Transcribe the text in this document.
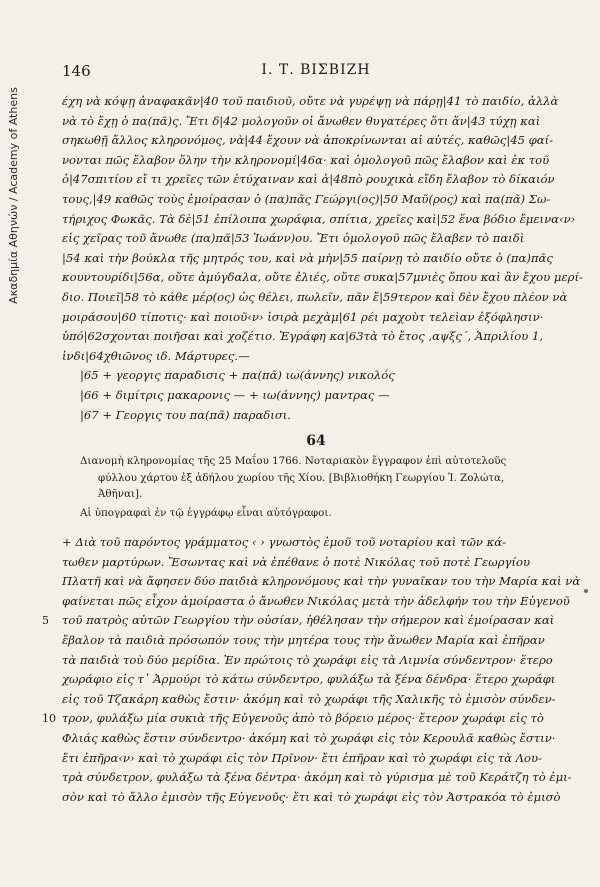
Ακαδημία Αθηνών / Academy of Athens
146	Ι. Τ. ΒΙΣΒΙΖΗ
έχη νὰ κόψῃ ἀναφακᾶν|40 τοῦ παιδιοῦ, οὔτε νὰ γυρέψῃ νὰ πάρῃ|41 τὸ παιδίο, ἀλλὰ
νὰ τὸ ἔχῃ ὁ πα(πᾶ)ς. Ἔτι δ|42 μολογοῦν οἱ ἄνωθεν θυγατέρες ὅτι ἄν|43 τύχῃ καὶ
σηκωθῇ ἄλλος κληρονόμος, νὰ|44 ἔχουν νὰ ἀποκρίνωνται αἱ αὐτές, καθῶς|45 φαί-
νονται πῶς ἔλαβον ὅλην τὴν κληρονομί|46α· καὶ ὁμολογοῦ πῶς ἔλαβον καὶ ἐκ τοῦ
ὁ|47σπιτίου εἴ τι χρεῖες τῶν ἐτύχαιναν καὶ ἀ|48πὸ ρουχικὰ εἴδη ἔλαβον τὸ δίκαιόν
τους,|49 καθῶς τοὺς ἐμοίρασαν ὁ (πα)πᾶς Γεώργι(ος)|50 Μαῦ(ρος) καὶ πα(πᾶ) Σω-
τήριχος Φωκᾶς. Τὰ δὲ|51 ἐπίλοιπα χωράφια, σπίτια, χρεῖες καὶ|52 ἕνα βόδιο ἔμεινα‹ν›
εἰς χεῖρας τοῦ ἄνωθε (πα)πᾶ|53 Ἰωάνν)ου. Ἔτι ὁμολογοῦ πῶς ἔλαβεν τὸ παιδὶ
|54 καὶ τὴν βούκλα τῆς μητρός του, καὶ νὰ μὴν|55 παίρνῃ τὸ παιδίο οὔτε ὁ (πα)πᾶς
κουντουρίδι|56α, οὔτε ἀμύγδαλα, οὔτε ἐλιές, οὔτε συκα|57μνιὲς ὅπου καὶ ἂν ἔχου μερί-
διο. Ποιεῖ|58 τὸ κάθε μέρ(ος) ὡς θέλει, πωλεῖν, πᾶν ἔ|59τερον καὶ δὲν ἔχου πλέον νὰ
μοιράσου|60 τίποτις· καὶ ποιοῦ‹ν› ἰσιρὰ μεχὰμ|61 ρέι μαχοὺτ τελεὶαν ἐξόφλησιν·
ὑπό|62σχονται ποιῆσαι καὶ χοζέτιο. Ἐγράφη κα|63τὰ τὸ ἔτος ,αψξς΄, Ἀπριλίου 1,
ἰνδι|64χθιῶνος ιδ. Μάρτυρες.—
|65 + γεοργις παραδισις + πα(πᾶ) ιω(άννης) νικολός
|66 + διμίτρις μακαρονις — + ιω(άννης) μαντρας —
|67 + Γεοργις του πα(πᾶ) παραδισι.
64
Διανομὴ κληρονομίας τῆς 25 Μαΐου 1766. Νοταριακὸν ἔγγραφον ἐπὶ αὐτοτελοῦς
φύλλου χάρτου ἐξ ἀδήλου χωρίου τῆς Χίου. [Βιβλιοθήκη Γεωργίου Ἰ. Ζολώτα,
Ἀθῆναι].
Αἱ ὑπογραφαὶ ἐν τῷ ἐγγράφῳ εἶναι αὐτόγραφοι.
+ Διὰ τοῦ παρόντος γράμματος ‹ › γνωστὸς ἐμοῦ τοῦ νοταρίου καὶ τῶν κά-
τωθεν μαρτύρων. Ἔσωντας καὶ νὰ ἐπέθανε ὁ ποτὲ Νικόλας τοῦ ποτὲ Γεωργίου
Πλατῆ καὶ νὰ ἄφησεν δύο παιδιὰ κληρονόμους καὶ τὴν γυναῖκαν του τὴν Μαρία καὶ νὰ
φαίνεται πῶς εἶχον ἀμοίραστα ὁ ἄνωθεν Νικόλας μετὰ τὴν ἀδελφήν του τὴν Εὐγενοῦ
5 τοῦ πατρὸς αὐτῶν Γεωργίου τὴν οὐσίαν, ἠθέλησαν τὴν σήμερον καὶ ἐμοίρασαν καὶ
ἔβαλον τὰ παιδιὰ πρόσωπόν τους τὴν μητέρα τους τὴν ἄνωθεν Μαρία καὶ ἐπῆραν
τὰ παιδιὰ τοὺ δύο μερίδια. Ἐν πρώτοις τὸ χωράφι εἰς τὰ Λιμνία σύνδεντρον· ἕτερο
χωράφιο εἰς τ᾽ Ἀρμούρι τὸ κάτω σύνδεντρο, φυλάξω τὰ ξένα δένδρα· ἕτερο χωράφι
εἰς τοῦ Τζακάρη καθὼς ἔστιν· ἀκόμη καὶ τὸ χωράφι τῆς Χαλικῆς τὸ ἐμισὸν σύνδεν-
10 τρον, φυλάξω μία συκιὰ τῆς Εὐγενοῦς ἀπὸ τὸ βόρειο μέρος· ἕτερον χωράφι εἰς τὸ
Φλιάς καθὼς ἔστιν σύνδεντρο· ἀκόμη καὶ τὸ χωράφι εἰς τὸν Κερουλᾶ καθὼς ἔστιν·
ἔτι ἐπῆρα‹ν› καὶ τὸ χωράφι εἰς τὸν Πρῖνον· ἔτι ἐπῆραν καὶ τὸ χωράφι εἰς τὰ Λου-
τρὰ σύνδετρον, φυλάξω τὰ ξένα δέντρα· ἀκόμη καὶ τὸ γύρισμα μὲ τοῦ Κεράτζη τὸ ἐμι-
σὸν καὶ τὸ ἄλλο ἐμισὸν τῆς Εὐγενοῦς· ἔτι καὶ τὸ χωράφι εἰς τὸν Ἀστρακόα τὸ ἐμισὸ
